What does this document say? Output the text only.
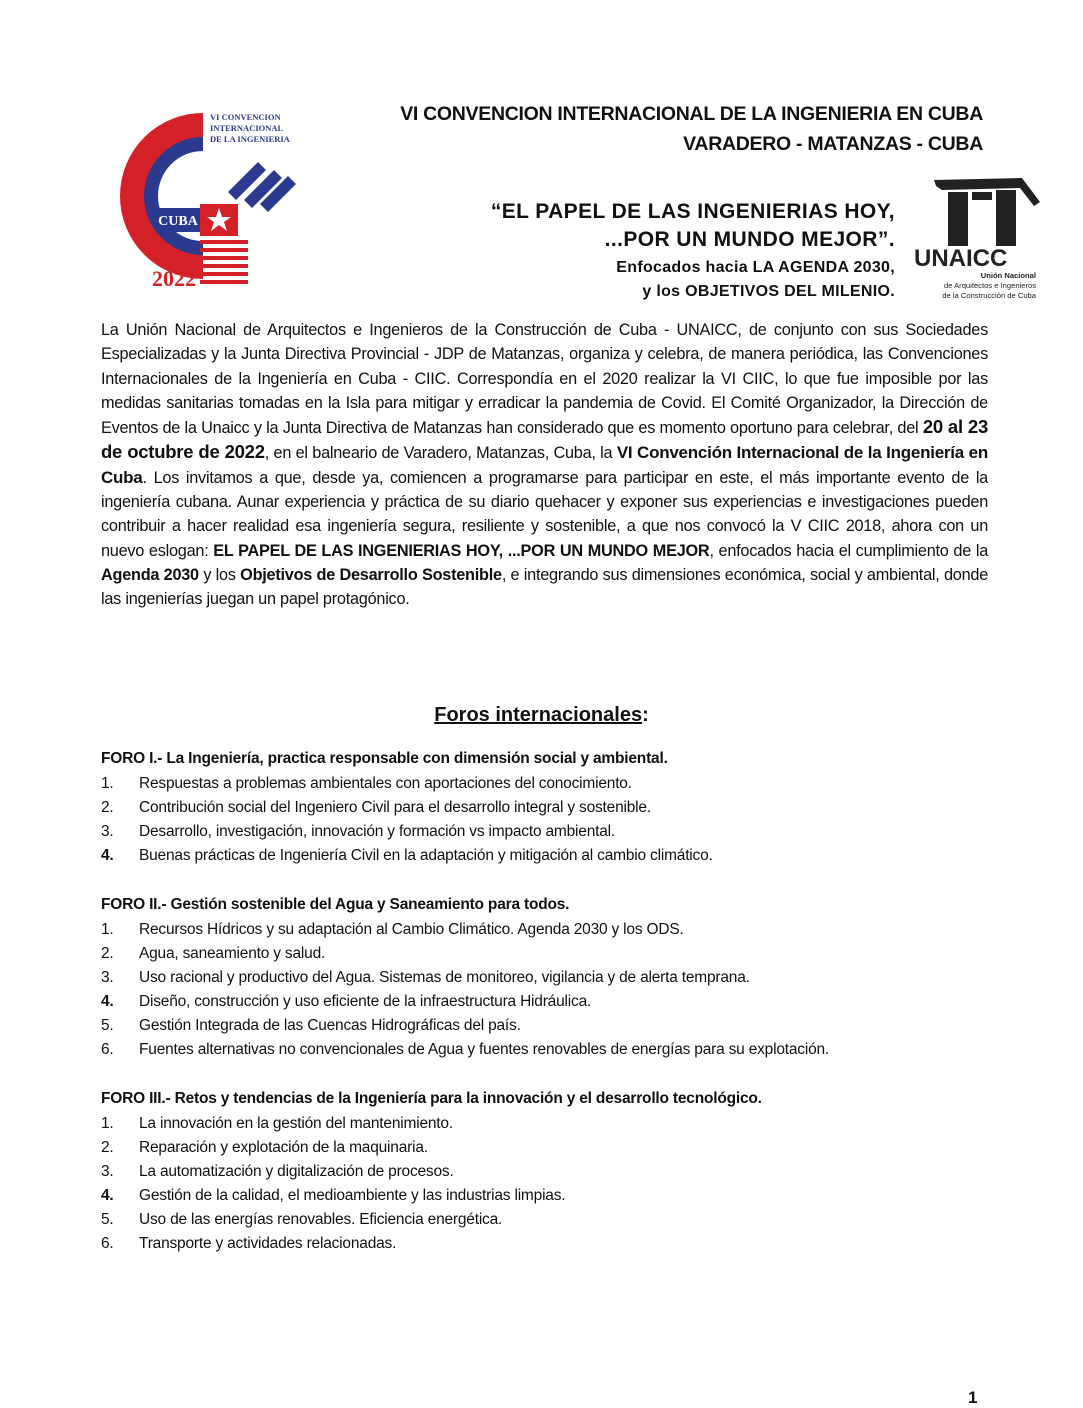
CUBA
2022
VI CONVENCION
INTERNACIONAL
DE LA INGENIERIA
UNAICC
Unión Nacional
de Arquitectos e Ingenieros
de la Construcción de Cuba
VI CONVENCION INTERNACIONAL DE LA INGENIERIA EN CUBA
VARADERO - MATANZAS - CUBA
“EL PAPEL DE LAS INGENIERIAS HOY,
...POR UN MUNDO MEJOR”.
Enfocados hacia LA AGENDA 2030,
y los OBJETIVOS DEL MILENIO.
La Unión Nacional de Arquitectos e Ingenieros de la Construcción de Cuba - UNAICC, de conjunto con sus Sociedades Especializadas y la Junta Directiva Provincial - JDP de Matanzas, organiza y celebra, de manera periódica, las Convenciones Internacionales de la Ingeniería en Cuba - CIIC. Correspondía en el 2020 realizar la VI CIIC, lo que fue imposible por las medidas sanitarias tomadas en la Isla para mitigar y erradicar la pandemia de Covid. El Comité Organizador, la Dirección de Eventos de la Unaicc y la Junta Directiva de Matanzas han considerado que es momento oportuno para celebrar, del 20 al 23 de octubre de 2022, en el balneario de Varadero, Matanzas, Cuba, la VI Convención Internacional de la Ingeniería en Cuba. Los invitamos a que, desde ya, comiencen a programarse para participar en este, el más importante evento de la ingeniería cubana. Aunar experiencia y práctica de su diario quehacer y exponer sus experiencias e investigaciones pueden contribuir a hacer realidad esa ingeniería segura, resiliente y sostenible, a que nos convocó la V CIIC 2018, ahora con un nuevo eslogan: EL PAPEL DE LAS INGENIERIAS HOY, ...POR UN MUNDO MEJOR, enfocados hacia el cumplimiento de la Agenda 2030 y los Objetivos de Desarrollo Sostenible, e integrando sus dimensiones económica, social y ambiental, donde las ingenierías juegan un papel protagónico.
Foros internacionales:

FORO I.- La Ingeniería, practica responsable con dimensión social y ambiental.

1.	Respuestas a problemas ambientales con aportaciones del conocimiento.
2.	Contribución social del Ingeniero Civil para el desarrollo integral y sostenible.
3.	Desarrollo, investigación, innovación y formación vs impacto ambiental.
4.	Buenas prácticas de Ingeniería Civil en la adaptación y mitigación al cambio climático.

FORO II.- Gestión sostenible del Agua y Saneamiento para todos.

1.	Recursos Hídricos y su adaptación al Cambio Climático. Agenda 2030 y los ODS.
2.	Agua, saneamiento y salud.
3.	Uso racional y productivo del Agua. Sistemas de monitoreo, vigilancia y de alerta temprana.
4.	Diseño, construcción y uso eficiente de la infraestructura Hidráulica.
5.	Gestión Integrada de las Cuencas Hidrográficas del país.
6.	Fuentes alternativas no convencionales de Agua y fuentes renovables de energías para su explotación.

FORO III.- Retos y tendencias de la Ingeniería para la innovación y el desarrollo tecnológico.

1.	La innovación en la gestión del mantenimiento.
2.	Reparación y explotación de la maquinaria.
3.	La automatización y digitalización de procesos.
4.	Gestión de la calidad, el medioambiente y las industrias limpias.
5.	Uso de las energías renovables. Eficiencia energética.
6.	Transporte y actividades relacionadas.
1
